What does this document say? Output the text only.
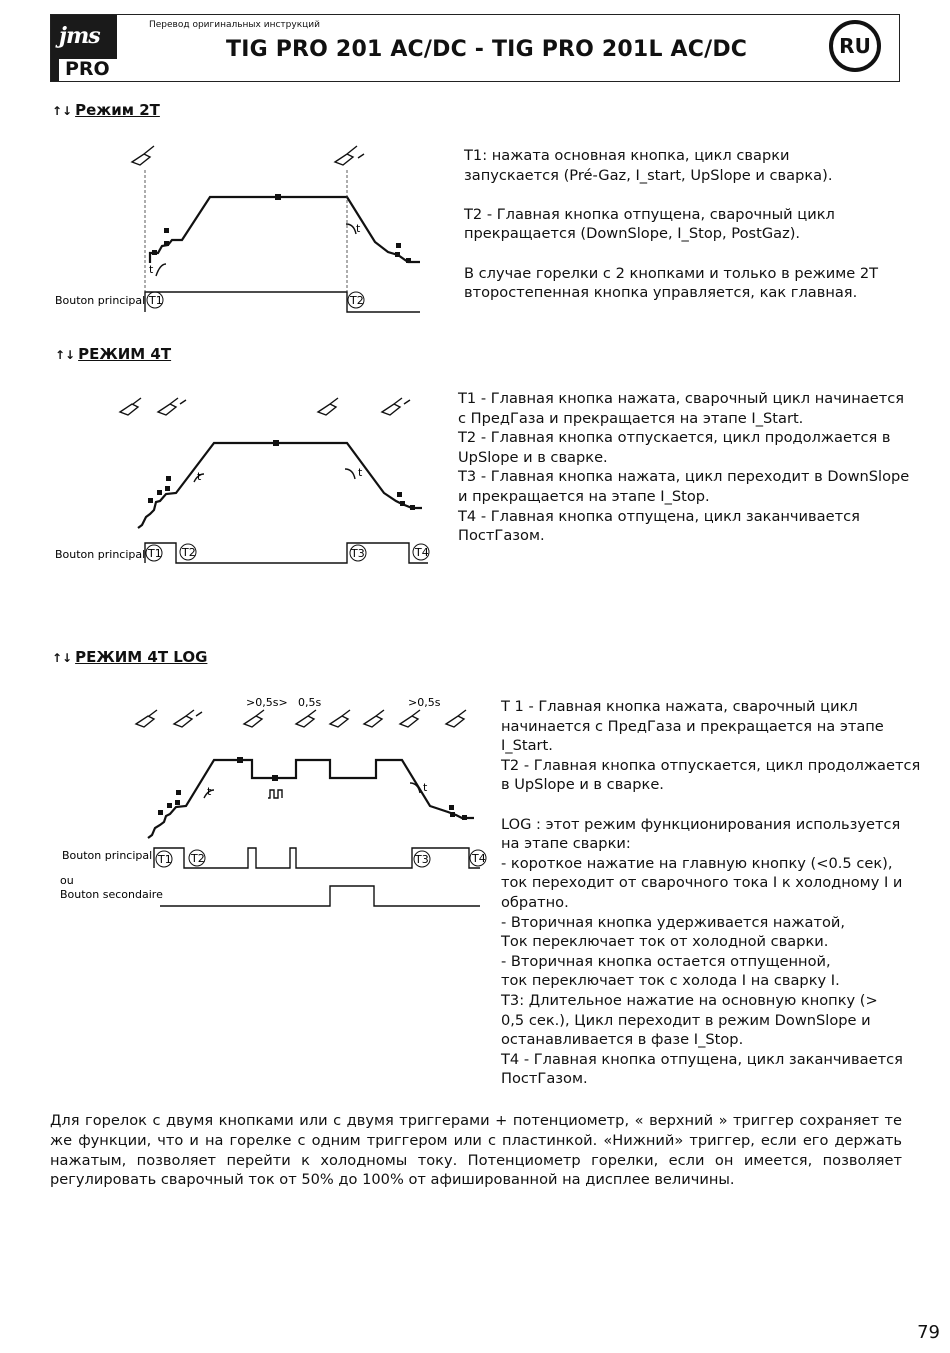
jms
PRO
Перевод оригинальных инструкций
TIG PRO 201 AC/DC - TIG PRO 201L AC/DC	RU
↑↓ Режим 2T
Bouton principal T1	T2
t
t

T1: нажата основная кнопка, цикл сварки
запускается (Pré-Gaz, I_start, UpSlope и сварка).

T2 - Главная кнопка отпущена, сварочный цикл
прекращается (DownSlope, I_Stop, PostGaz).

В случае горелки с 2 кнопками и только в режиме 2T
второстепенная кнопка управляется, как главная.

↑↓ РЕЖИМ 4T
Bouton principal T1 T2	T3	T4
t	t

T1 - Главная кнопка нажата, сварочный цикл начинается
с ПредГаза и прекращается на этапе I_Start.
T2 - Главная кнопка отпускается, цикл продолжается в
UpSlope и в сварке.
T3 - Главная кнопка нажата, цикл переходит в DownSlope
и прекращается на этапе I_Stop.
T4 - Главная кнопка отпущена, цикл заканчивается
ПостГазом.

↑↓ РЕЖИМ 4T LOG
Bouton principal
ou
Bouton secondaire
T1 T2	T3	T4
t	t
>0,5s> 0,5s	>0,5s	T 1 - Главная кнопка нажата, сварочный цикл
начинается с ПредГаза и прекращается на этапе
I_Start.
T2 - Главная кнопка отпускается, цикл продолжается
в UpSlope и в сварке.

LOG : этот режим функционирования используется
на этапе сварки:
- короткое нажатие на главную кнопку (<0.5 сек),
ток переходит от сварочного тока I к холодному I и
обратно.
- Вторичная кнопка удерживается нажатой,
Ток переключает ток от холодной сварки.
- Вторичная кнопка остается отпущенной,
ток переключает ток с холода I на сварку I.
T3: Длительное нажатие на основную кнопку (>
0,5 сек.), Цикл переходит в режим DownSlope и
останавливается в фазе I_Stop.
T4 - Главная кнопка отпущена, цикл заканчивается
ПостГазом.

Для горелок с двумя кнопками или с двумя триггерами + потенциометр, « верхний » триггер сохраняет те же функции, что и на горелке с одним триггером или с пластинкой. «Нижний» триггер, если его держать нажатым, позволяет перейти к холодномы току. Потенциометр горелки, если он имеется, позволяет регулировать сварочный ток от 50% до 100% от афишированной на дисплее величины.

79
